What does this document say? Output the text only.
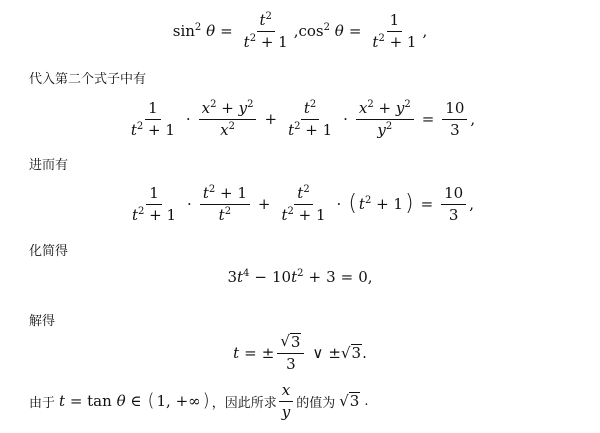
$\sin^2 \theta = \frac{t^2}{t^2 + 1} ,\cos^2$ $\theta = \frac{1}{t^2 + 1}$ ,
代入第二个式子中有
$\frac{1}{t^2 + 1} \cdot \frac{x^2 + y^2}{x^2} + \frac{t^2}{t^2 + 1} \cdot \frac{x^2 + y^2}{y^2} = \frac{10}{3}$ ,
进而有
$\frac{1}{t^2 + 1} \cdot \frac{t^2 + 1}{t^2} + \frac{t^2}{t^2 + 1}$ · ( $t^2 + 1$ ) = $\frac{10}{3}$ ,
化简得
$3t^4 - 10t^2 + 3 = 0$,
解得
t = ± $\frac{√ 3}{3}$ ∨ ± √ 3 .
由于 t = tan θ ∈ ( 1, +∞ ) ，因此所求 $\frac{x}{y}$ 的值为 √ 3 .
